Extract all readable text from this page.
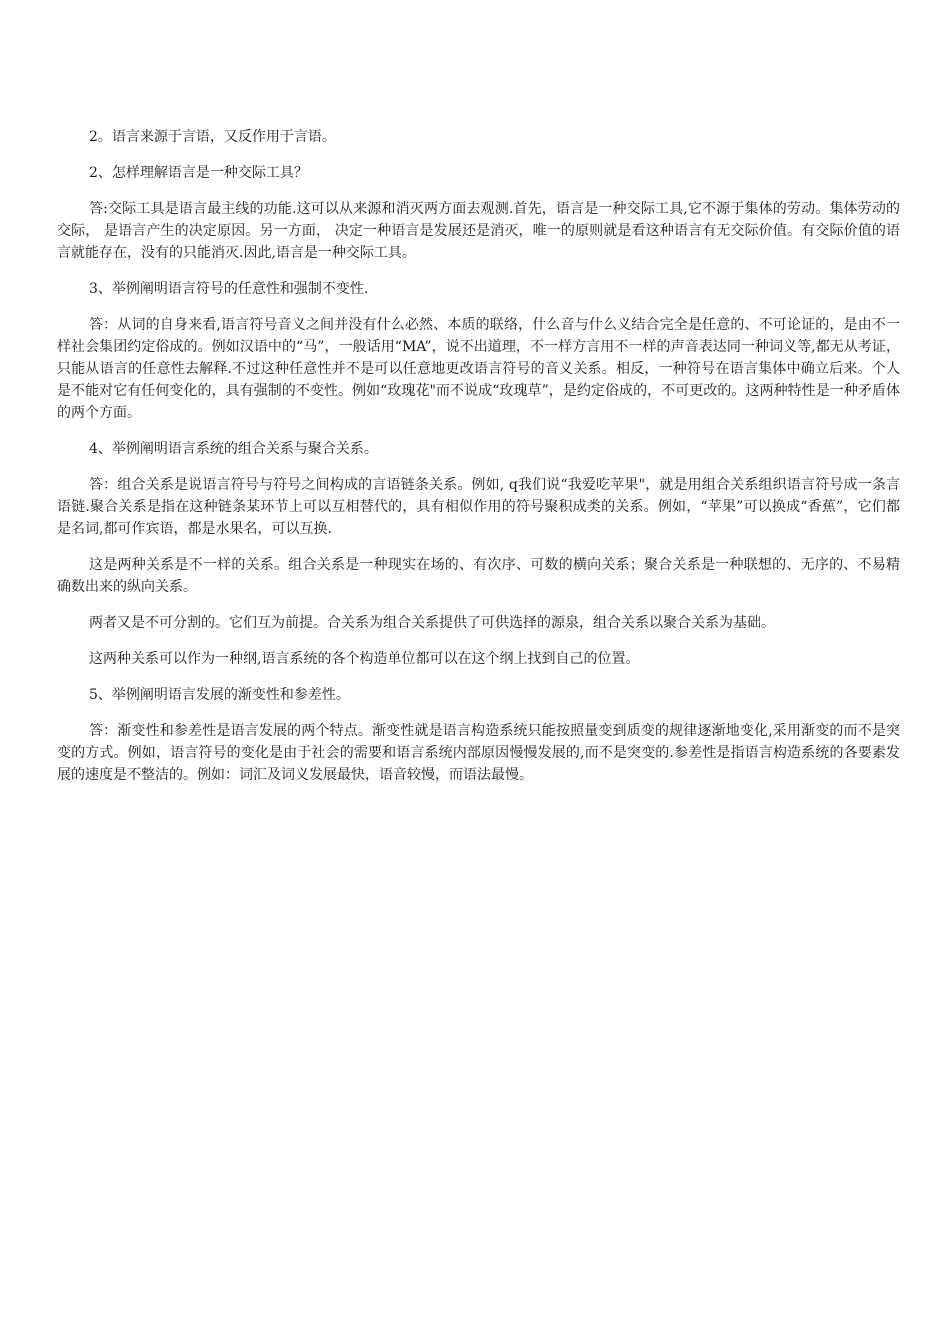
2。语言来源于言语，又反作用于言语。

2、怎样理解语言是一种交际工具？

答:交际工具是语言最主线的功能.这可以从来源和消灭两方面去观测.首先，语言是一种交际工具,它不源于集体的劳动。集体劳动的交际， 是语言产生的决定原因。另一方面， 决定一种语言是发展还是消灭，唯一的原则就是看这种语言有无交际价值。有交际价值的语言就能存在，没有的只能消灭.因此,语言是一种交际工具。

3、举例阐明语言符号的任意性和强制不变性.

答：从词的自身来看,语言符号音义之间并没有什么必然、本质的联络，什么音与什么义结合完全是任意的、不可论证的，是由不一样社会集团约定俗成的。例如汉语中的“马”，一般话用“MA”，说不出道理，不一样方言用不一样的声音表达同一种词义等,都无从考证，只能从语言的任意性去解释.不过这种任意性并不是可以任意地更改语言符号的音义关系。相反，一种符号在语言集体中确立后来。个人是不能对它有任何变化的，具有强制的不变性。例如“玫瑰花"而不说成“玫瑰草”，是约定俗成的，不可更改的。这两种特性是一种矛盾体的两个方面。

4、举例阐明语言系统的组合关系与聚合关系。

答：组合关系是说语言符号与符号之间构成的言语链条关系。例如, q我们说“我爱吃苹果"，就是用组合关系组织语言符号成一条言语链.聚合关系是指在这种链条某环节上可以互相替代的，具有相似作用的符号聚积成类的关系。例如，“苹果”可以换成“香蕉”，它们都是名词,都可作宾语，都是水果名，可以互换.

这是两种关系是不一样的关系。组合关系是一种现实在场的、有次序、可数的横向关系；聚合关系是一种联想的、无序的、不易精确数出来的纵向关系。

两者又是不可分割的。它们互为前提。合关系为组合关系提供了可供选择的源泉，组合关系以聚合关系为基础。

这两种关系可以作为一种纲,语言系统的各个构造单位都可以在这个纲上找到自己的位置。

5、举例阐明语言发展的渐变性和参差性。

答：渐变性和参差性是语言发展的两个特点。渐变性就是语言构造系统只能按照量变到质变的规律逐渐地变化,采用渐变的而不是突变的方式。例如，语言符号的变化是由于社会的需要和语言系统内部原因慢慢发展的,而不是突变的.参差性是指语言构造系统的各要素发展的速度是不整洁的。例如：词汇及词义发展最快，语音较慢，而语法最慢。
